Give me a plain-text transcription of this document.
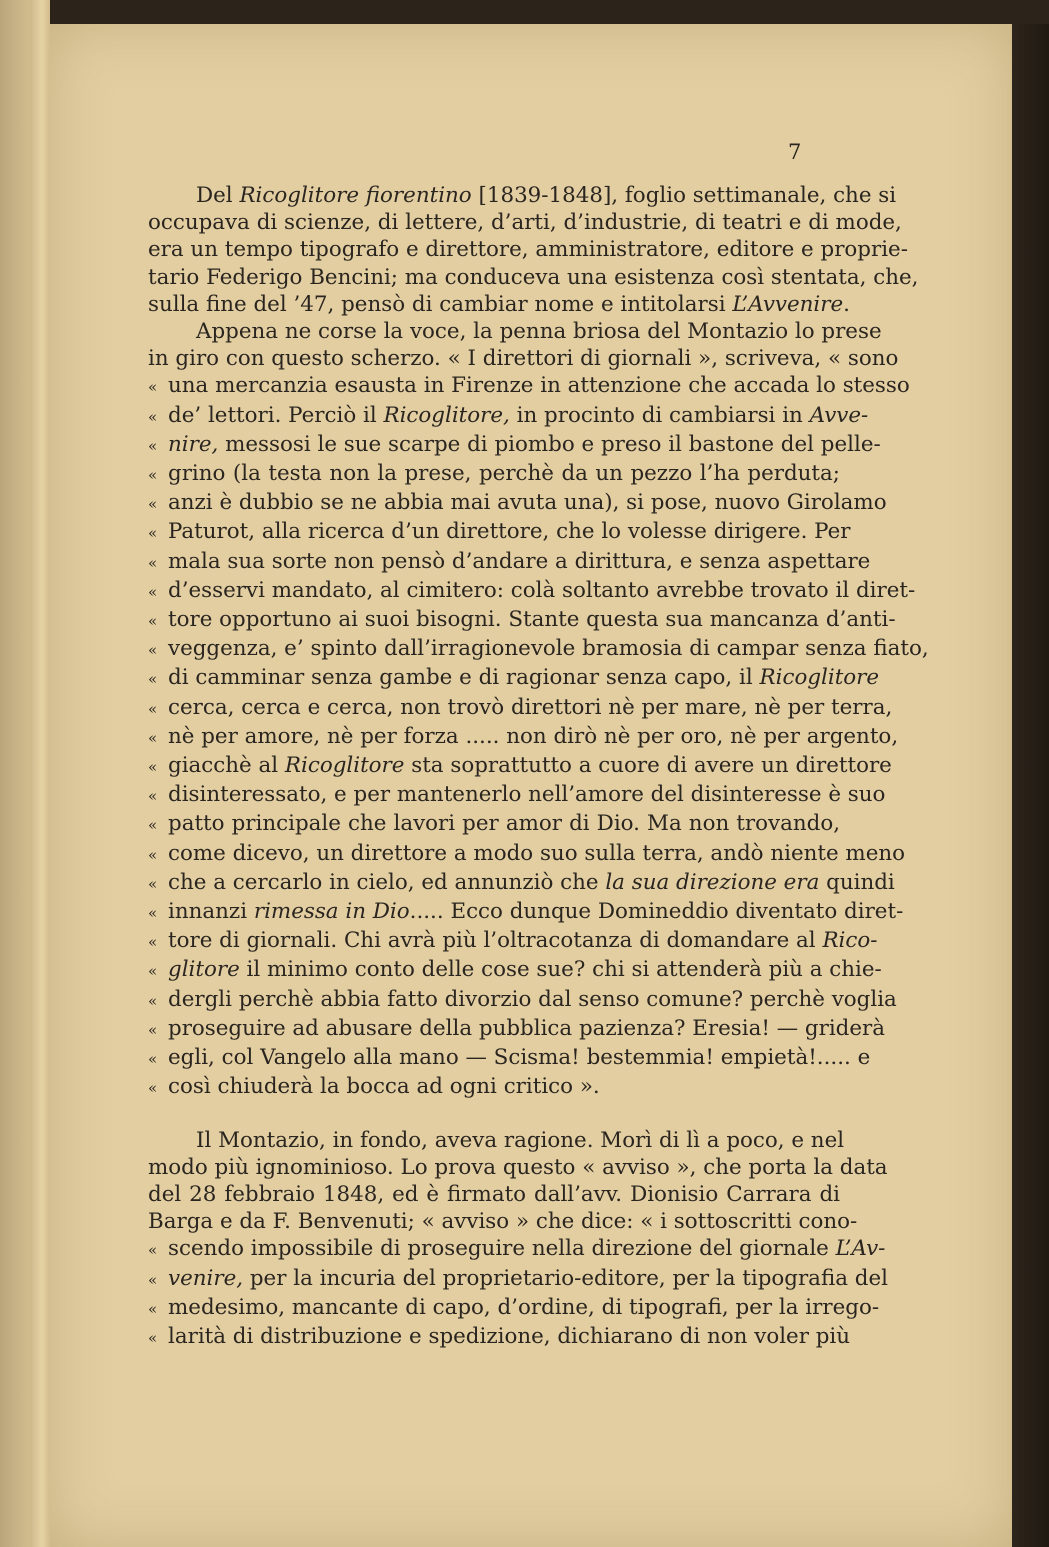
7

Del Ricoglitore fiorentino [1839-1848], foglio settimanale, che si
occupava di scienze, di lettere, d’arti, d’industrie, di teatri e di mode,
era un tempo tipografo e direttore, amministratore, editore e proprie-
tario Federigo Bencini; ma conduceva una esistenza così stentata, che,
sulla fine del ’47, pensò di cambiar nome e intitolarsi L’Avvenire.

Appena ne corse la voce, la penna briosa del Montazio lo prese
in giro con questo scherzo. « I direttori di giornali », scriveva, « sono
« una mercanzia esausta in Firenze in attenzione che accada lo stesso
« de’ lettori. Perciò il Ricoglitore, in procinto di cambiarsi in Avve-
« nire, messosi le sue scarpe di piombo e preso il bastone del pelle-
« grino (la testa non la prese, perchè da un pezzo l’ha perduta;
« anzi è dubbio se ne abbia mai avuta una), si pose, nuovo Girolamo
« Paturot, alla ricerca d’un direttore, che lo volesse dirigere. Per
« mala sua sorte non pensò d’andare a dirittura, e senza aspettare
« d’esservi mandato, al cimitero: colà soltanto avrebbe trovato il diret-
« tore opportuno ai suoi bisogni. Stante questa sua mancanza d’anti-
« veggenza, e’ spinto dall’irragionevole bramosia di campar senza fiato,
« di camminar senza gambe e di ragionar senza capo, il Ricoglitore
« cerca, cerca e cerca, non trovò direttori nè per mare, nè per terra,
« nè per amore, nè per forza ..... non dirò nè per oro, nè per argento,
« giacchè al Ricoglitore sta soprattutto a cuore di avere un direttore
« disinteressato, e per mantenerlo nell’amore del disinteresse è suo
« patto principale che lavori per amor di Dio. Ma non trovando,
« come dicevo, un direttore a modo suo sulla terra, andò niente meno
« che a cercarlo in cielo, ed annunziò che la sua direzione era quindi
« innanzi rimessa in Dio..... Ecco dunque Domineddio diventato diret-
« tore di giornali. Chi avrà più l’oltracotanza di domandare al Rico-
« glitore il minimo conto delle cose sue? chi si attenderà più a chie-
« dergli perchè abbia fatto divorzio dal senso comune? perchè voglia
« proseguire ad abusare della pubblica pazienza? Eresia! — griderà
« egli, col Vangelo alla mano — Scisma! bestemmia! empietà!..... e
« così chiuderà la bocca ad ogni critico ».

Il Montazio, in fondo, aveva ragione. Morì di lì a poco, e nel
modo più ignominioso. Lo prova questo « avviso », che porta la data
del 28 febbraio 1848, ed è firmato dall’avv. Dionisio Carrara di
Barga e da F. Benvenuti; « avviso » che dice: « i sottoscritti cono-
« scendo impossibile di proseguire nella direzione del giornale L’Av-
« venire, per la incuria del proprietario-editore, per la tipografia del
« medesimo, mancante di capo, d’ordine, di tipografi, per la irrego-
« larità di distribuzione e spedizione, dichiarano di non voler più
